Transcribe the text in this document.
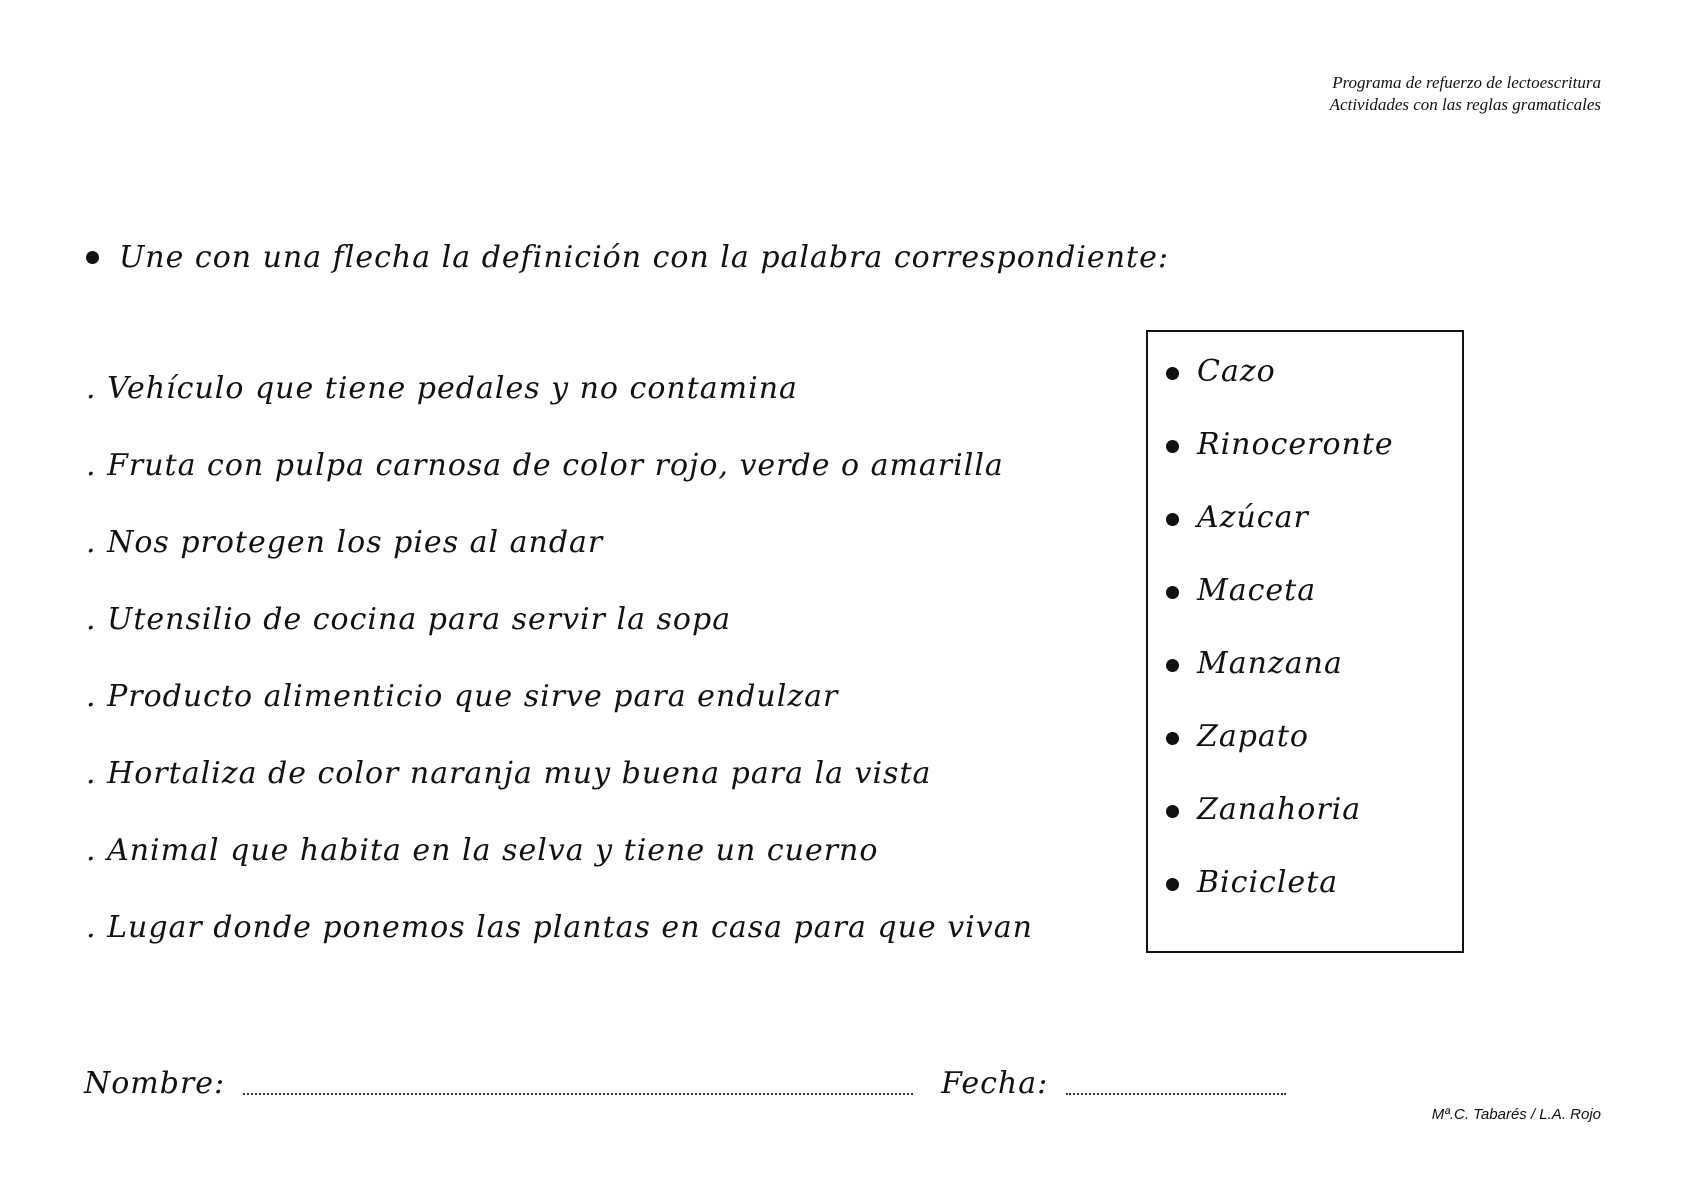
Programa de refuerzo de lectoescritura
Actividades con las reglas gramaticales
Une con una flecha la definición con la palabra correspondiente:
. Vehículo que tiene pedales y no contamina
. Fruta con pulpa carnosa de color rojo, verde o amarilla
. Nos protegen los pies al andar
. Utensilio de cocina para servir la sopa
. Producto alimenticio que sirve para endulzar
. Hortaliza de color naranja muy buena para la vista
. Animal que habita en la selva y tiene un cuerno
. Lugar donde ponemos las plantas en casa para que vivan
Cazo
Rinoceronte
Azúcar
Maceta
Manzana
Zapato
Zanahoria
Bicicleta
Nombre:	Fecha:
Mª.C. Tabarés / L.A. Rojo
